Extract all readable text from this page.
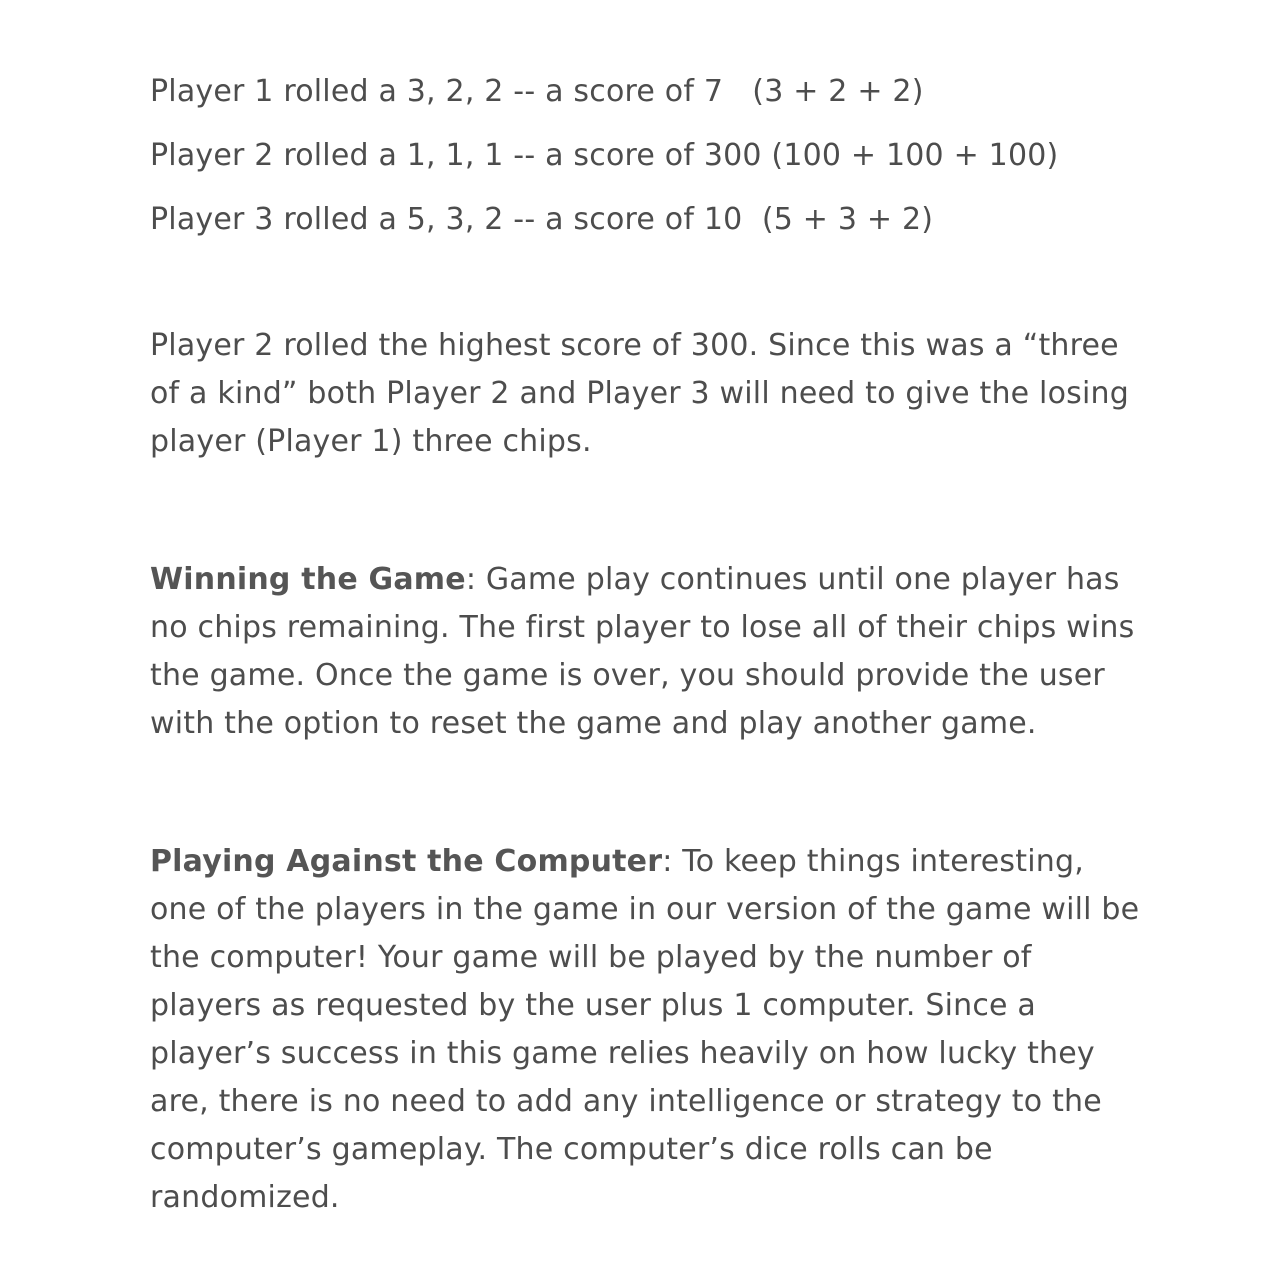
Player 1 rolled a 3, 2, 2 -- a score of 7   (3 + 2 + 2)
Player 2 rolled a 1, 1, 1 -- a score of 300 (100 + 100 + 100)
Player 3 rolled a 5, 3, 2 -- a score of 10  (5 + 3 + 2)

Player 2 rolled the highest score of 300. Since this was a “three of a kind” both Player 2 and Player 3 will need to give the losing player (Player 1) three chips.

Winning the Game: Game play continues until one player has no chips remaining. The first player to lose all of their chips wins the game. Once the game is over, you should provide the user with the option to reset the game and play another game.

Playing Against the Computer: To keep things interesting, one of the players in the game in our version of the game will be the computer! Your game will be played by the number of players as requested by the user plus 1 computer. Since a player’s success in this game relies heavily on how lucky they are, there is no need to add any intelligence or strategy to the computer’s gameplay. The computer’s dice rolls can be randomized.
